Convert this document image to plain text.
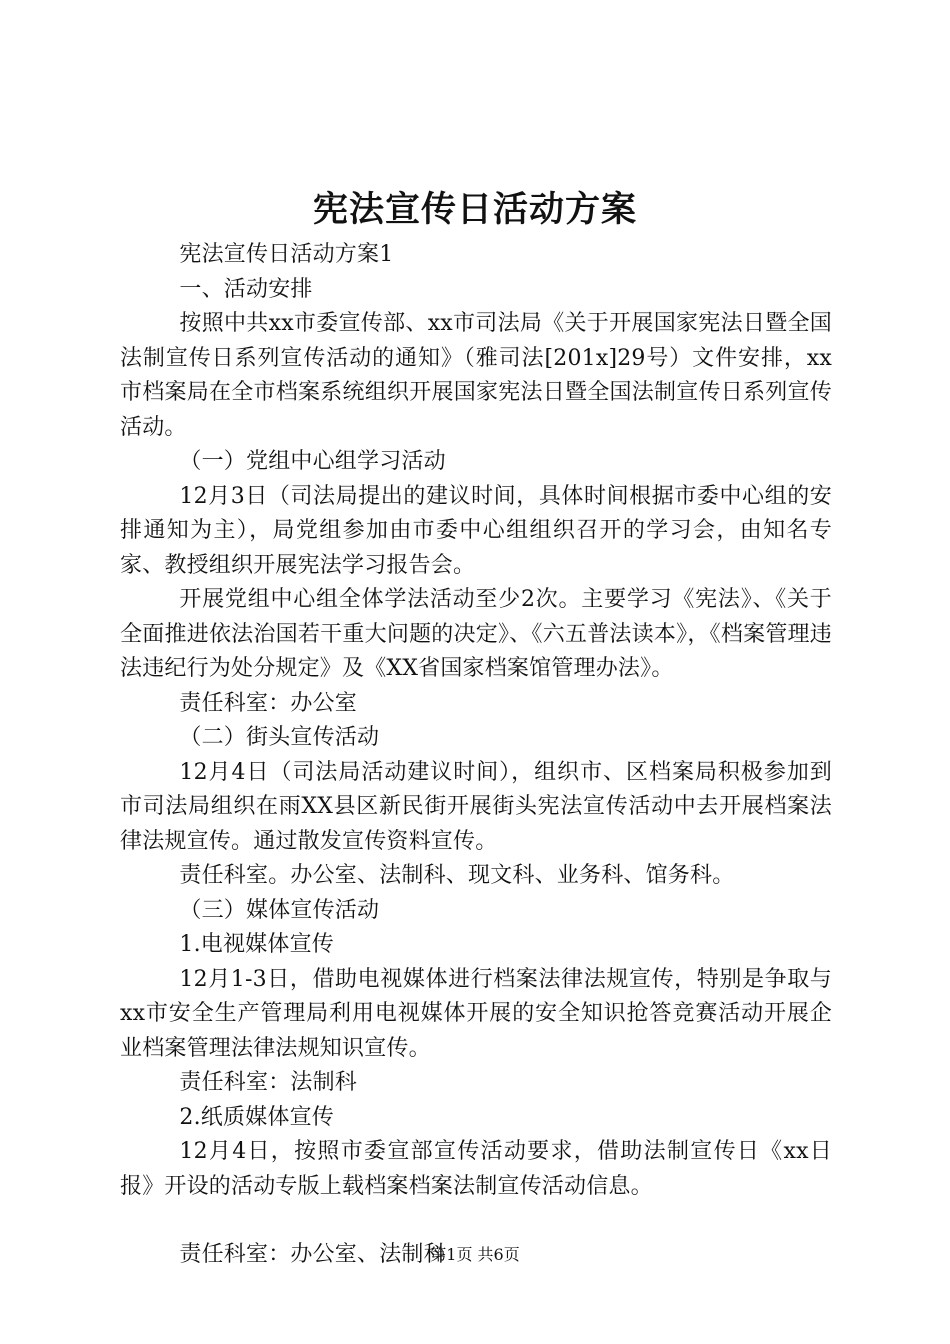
宪法宣传日活动方案

宪法宣传日活动方案1

一、活动安排

按照中共xx市委宣传部、xx市司法局《关于开展国家宪法日暨全国法制宣传日系列宣传活动的通知》（雅司法[201x]29号）文件安排，xx市档案局在全市档案系统组织开展国家宪法日暨全国法制宣传日系列宣传活动。

（一）党组中心组学习活动

12月3日（司法局提出的建议时间，具体时间根据市委中心组的安排通知为主），局党组参加由市委中心组组织召开的学习会，由知名专家、教授组织开展宪法学习报告会。

开展党组中心组全体学法活动至少2次。主要学习《宪法》、《关于全面推进依法治国若干重大问题的决定》、《六五普法读本》，《档案管理违法违纪行为处分规定》及《XX省国家档案馆管理办法》。

责任科室：办公室

（二）街头宣传活动

12月4日（司法局活动建议时间），组织市、区档案局积极参加到市司法局组织在雨XX县区新民街开展街头宪法宣传活动中去开展档案法律法规宣传。通过散发宣传资料宣传。

责任科室。办公室、法制科、现文科、业务科、馆务科。

（三）媒体宣传活动

1.电视媒体宣传

12月1-3日，借助电视媒体进行档案法律法规宣传，特别是争取与xx市安全生产管理局利用电视媒体开展的安全知识抢答竞赛活动开展企业档案管理法律法规知识宣传。

责任科室：法制科

2.纸质媒体宣传

12月4日，按照市委宣部宣传活动要求，借助法制宣传日《xx日报》开设的活动专版上载档案档案法制宣传活动信息。

责任科室：办公室、法制科

第1页 共6页
